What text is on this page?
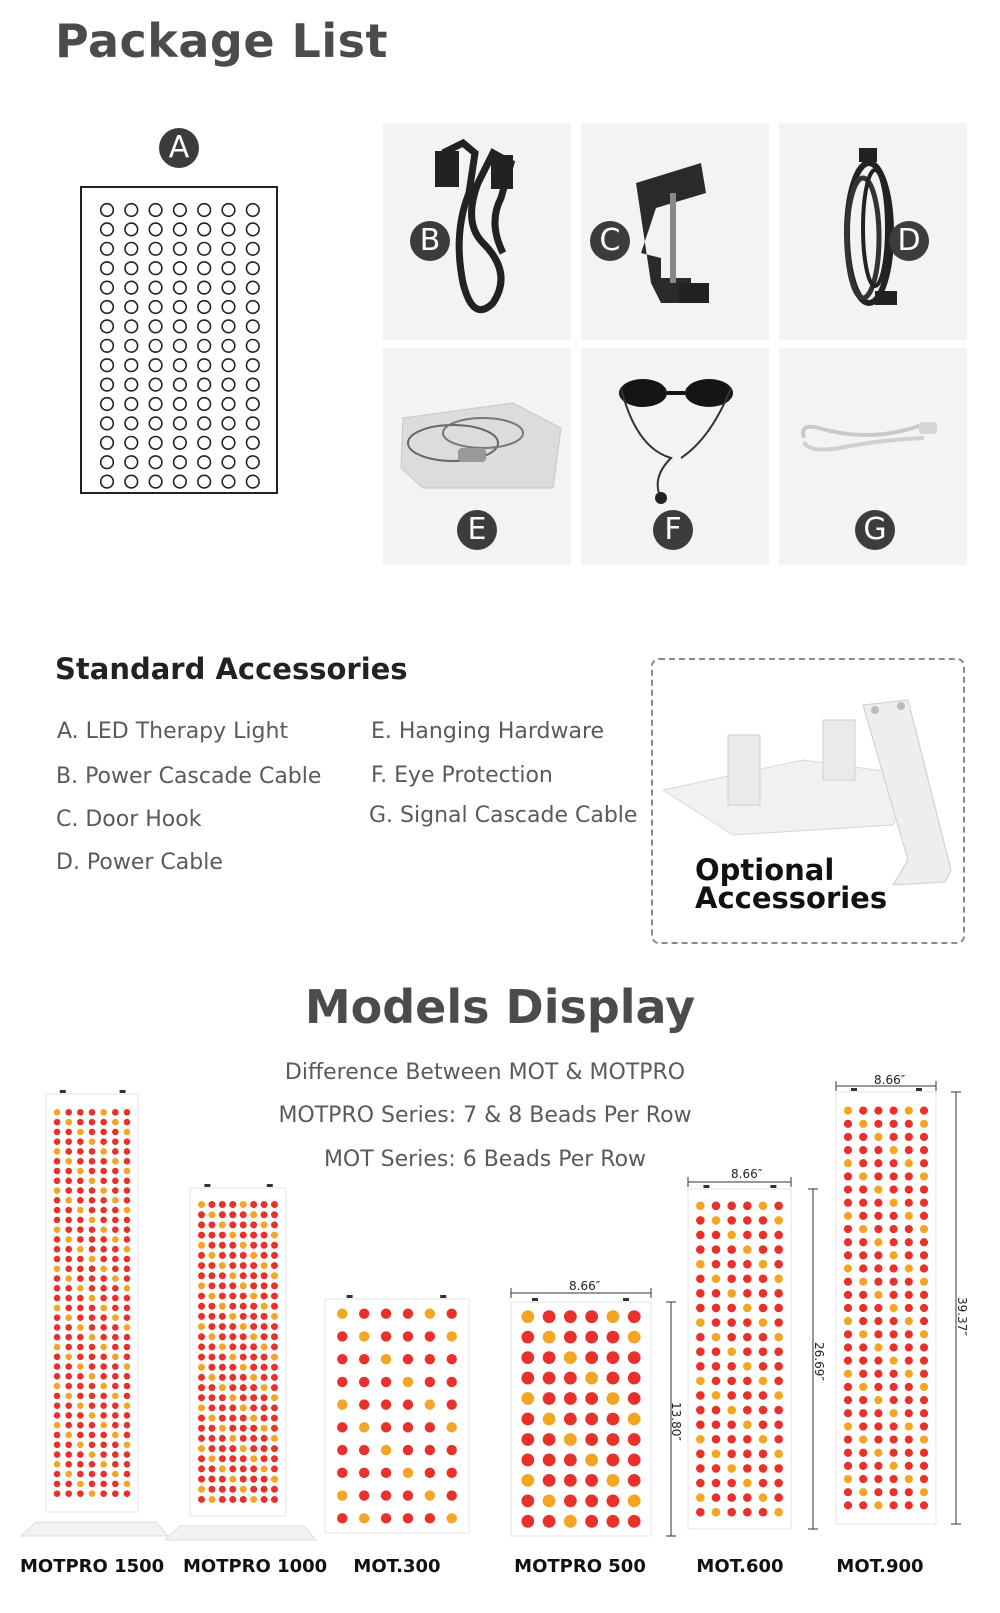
Package List
A
B	C	D
E	F	G
Standard Accessories
A. LED Therapy Light
B. Power Cascade Cable
C. Door Hook
D. Power Cable
E. Hanging Hardware
F. Eye Protection
G. Signal Cascade Cable
Optional
Accessories
Models Display
Difference Between MOT & MOTPRO
MOTPRO Series: 7 & 8 Beads Per Row
MOT Series: 6 Beads Per Row
8.66″
8.66″
8.66″
13.80″
26.69″
39.37″
MOTPRO 1500 MOTPRO 1000	MOT.300	MOTPRO 500	MOT.600	MOT.900
